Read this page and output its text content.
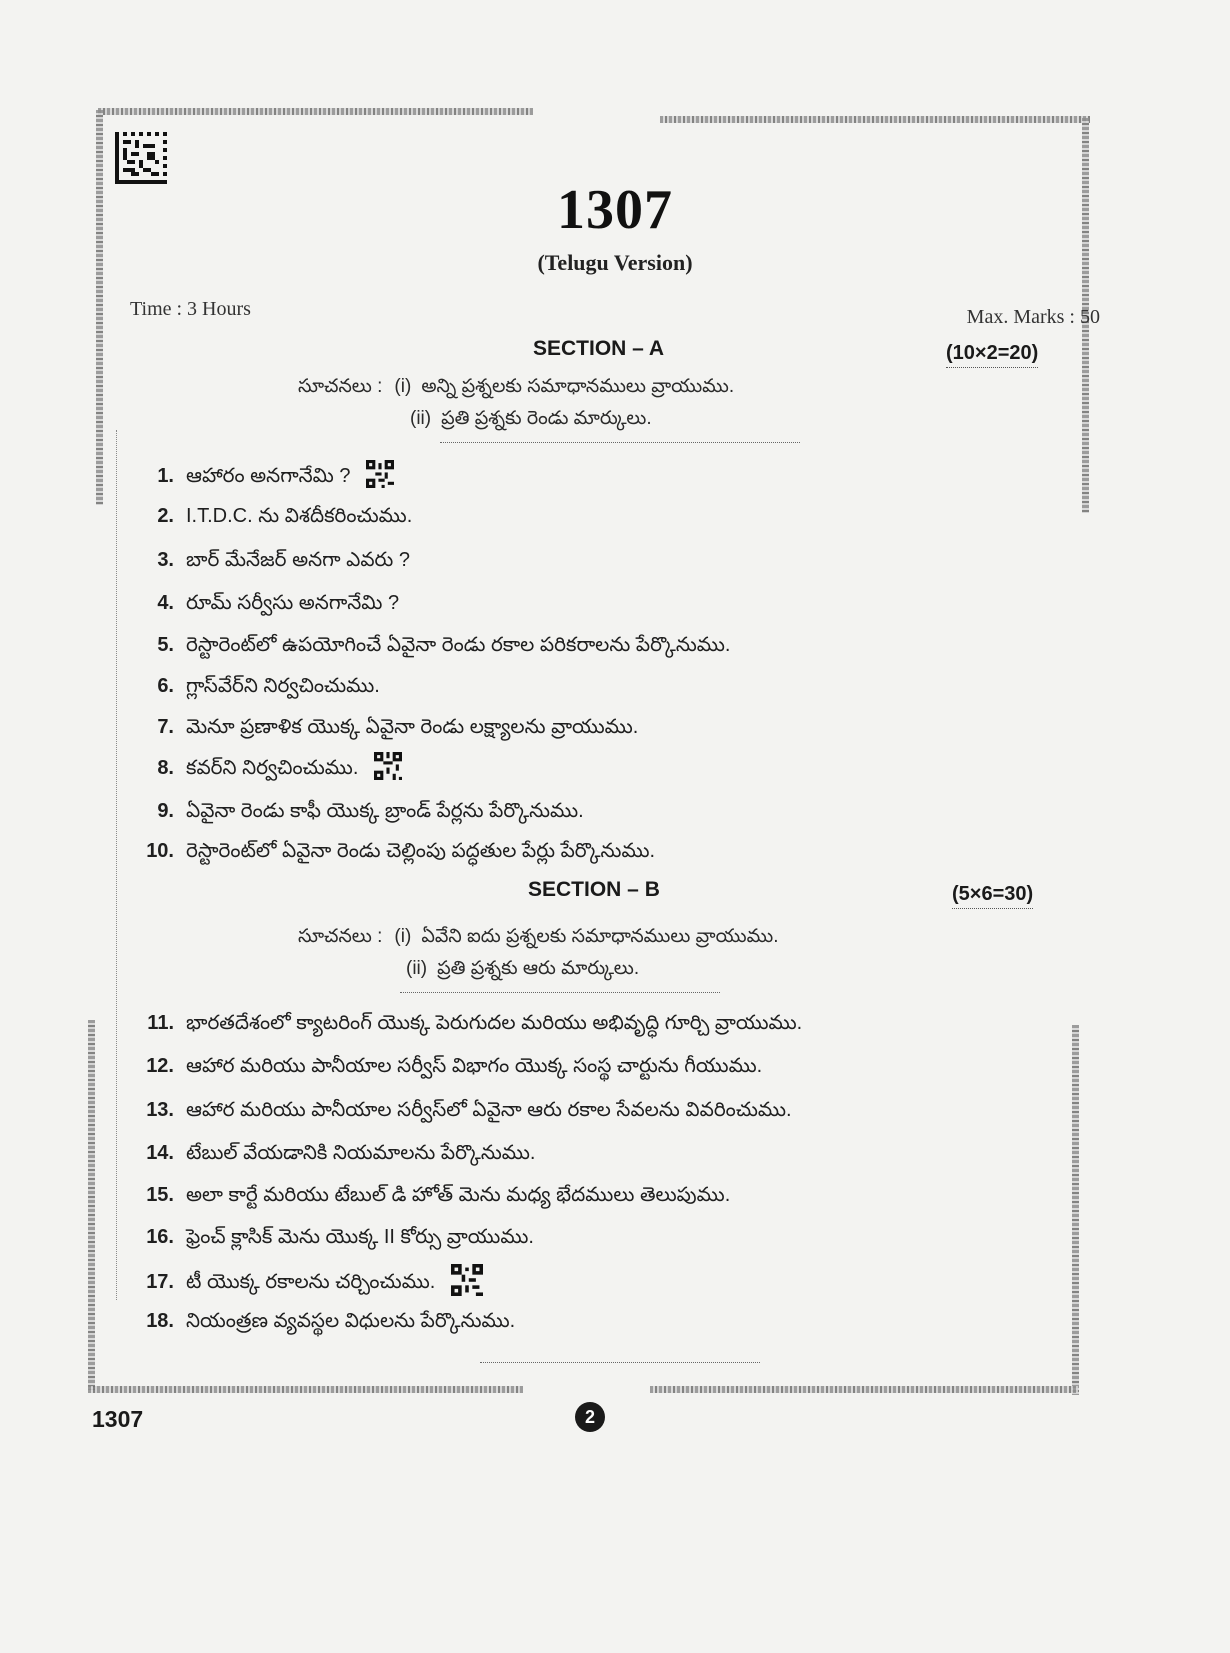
1307
(Telugu Version)
Time : 3 Hours	Max. Marks : 50
SECTION – A	(10×2=20)
సూచనలు : (i) అన్ని ప్రశ్నలకు సమాధానములు వ్రాయుము.
(ii) ప్రతి ప్రశ్నకు రెండు మార్కులు.
1. ఆహారం అనగానేమి ?
2. I.T.D.C. ను విశదీకరించుము.
3. బార్ మేనేజర్ అనగా ఎవరు ?
4. రూమ్ సర్వీసు అనగానేమి ?
5. రెస్టారెంట్‌లో ఉపయోగించే ఏవైనా రెండు రకాల పరికరాలను పేర్కొనుము.
6. గ్లాస్‌వేర్‌ని నిర్వచించుము.
7. మెనూ ప్రణాళిక యొక్క ఏవైనా రెండు లక్ష్యాలను వ్రాయుము.
8. కవర్‌ని నిర్వచించుము.
9. ఏవైనా రెండు కాఫీ యొక్క బ్రాండ్ పేర్లను పేర్కొనుము.
10. రెస్టారెంట్‌లో ఏవైనా రెండు చెల్లింపు పద్ధతుల పేర్లు పేర్కొనుము.
SECTION – B	(5×6=30)
సూచనలు : (i) ఏవేని ఐదు ప్రశ్నలకు సమాధానములు వ్రాయుము.
(ii) ప్రతి ప్రశ్నకు ఆరు మార్కులు.
11. భారతదేశంలో క్యాటరింగ్ యొక్క పెరుగుదల మరియు అభివృద్ధి గూర్చి వ్రాయుము.
12. ఆహార మరియు పానీయాల సర్వీస్ విభాగం యొక్క సంస్థ చార్టును గీయుము.
13. ఆహార మరియు పానీయాల సర్వీస్‌లో ఏవైనా ఆరు రకాల సేవలను వివరించుము.
14. టేబుల్ వేయడానికి నియమాలను పేర్కొనుము.
15. అలా కార్టే మరియు టేబుల్ డి హోత్ మెను మధ్య భేదములు తెలుపుము.
16. ఫ్రెంచ్ క్లాసిక్ మెను యొక్క II కోర్సు వ్రాయుము.
17. టీ యొక్క రకాలను చర్చించుము.
18. నియంత్రణ వ్యవస్థల విధులను పేర్కొనుము.
1307	2
